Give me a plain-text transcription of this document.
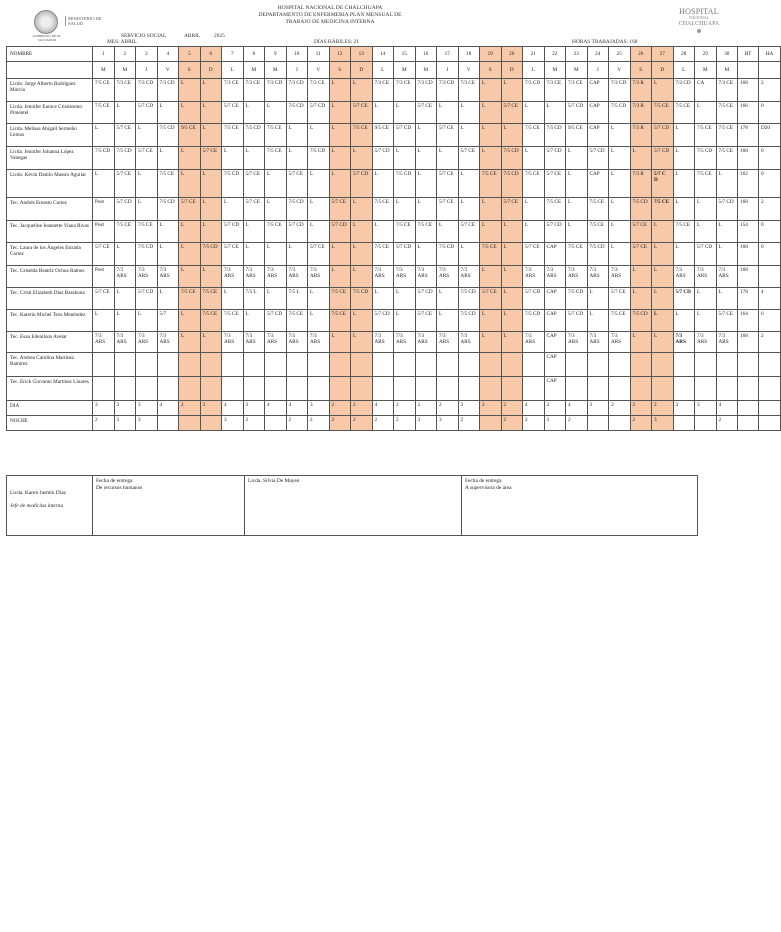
GOBIERNO DE EL SALVADOR
MINISTERIO DE SALUD
HOSPITAL NACIONAL DE CHALCHUAPA
DEPARTAMENTO DE ENFERMERIA PLAN MENSUAL DE
TRABAJO DE MEDICINA INTERNA
HOSPITAL
NACIONAL
CHALCHUAPA
SERVICIO SOCIAL	ABRIL	2025
MES: ABRIL	DÍAS HÁBILES: 21	HORAS TRABAJADAS: 168
NOMBRE	1	2	3	4	5	6	7	8	9	10	11	12	13	14	15	16	17	18	19	20	21	22	23	24	25	26	27	28	29	30	HT	HA
	M	M	J	V	S	D	L	M	M	J	V	S	D	L	M	M	J	V	S	D	L	M	M	J	V	S	D	L	M	M		
Licdo. Jorge Alberto Rodríguez Murcia	7/5 CE	7/3 CE	7/3 CD	7/3 CD	L	L	7/3 CE	7/3 CE	7/3 CD	7/3 CD	7/3 CE	L	L	7/3 CE	7/3 CE	7/3 CD	7/3 CD	7/3 CE	L	L	7/3 CD	7/3 CE	7/3 CE	CAP	7/3 CD	7/3 R	L	7/3 CD	CA	7/3 CE	168	2
Licda. Jennifer Eunice Crisóstomo Pimentel	7/5 CE	L	5/7 CD	L	L	L	5/7 CE	L	L	7/5 CD	5/7 CD	L	5/7 CE	L	L	5/7 CE	L	L	L	5/7 CE	L	L	5/7 CD	CAP	7/5 CD	7/3 R	7/5 CE	7/5 CE	L	7/5 CE	166	0
Licda. Melissa Abigail Sermeño Lemus	L	5/7 CE	L	7/5 CD	9/5 CE	L	7/5 CE	7/5 CD	7/5 CE	L	L	L	7/5 CE	9/5 CE	5/7 CD	L	5/7 CE	L	L	L	7/5 CE	7/5 CD	9/5 CE	CAP	L	7/3 R	5/7 CD	L	7/5 CE	7/5 CE	178	D20
Licda. Jennifer Johanna López Vanegas	7/5 CD	7/5 CD	5/7 CE	L	L	5/7 CE	L	L	7/5 CE	L	7/5 CD	L	L	5/7 CD	L	L	L	5/7 CE	L	7/5 CD	L	5/7 CD	L	5/7 CD	L	L	5/7 CD	L	7/5 CD	7/5 CE	168	0
Licdo. Kevin Danilo Massin Aguilar	L	5/7 CE	L	7/5 CE	L	L	7/5 CD	5/7 CE	L	5/7 CE	L	L	5/7 CD	L	7/5 CD	L	5/7 CE	L	7/5 CE	7/5 CD	7/5 CE	5/7 CE	L	CAP	L	7/3 R	5/7 C D	L	7/5 CE	L	162	0
Tec. Andrés Ernesto Cortez	Post	5/7 CD	L	7/5 CD	5/7 CE	L	L	5/7 CE	L	7/5 CD	L	5/7 CE	L	7/5 CE	L	L	5/7 CE	L	L	5/7 CE	L	7/5 CE	L	7/5 CE	L	7/5 CD	7/5 CE	L	L	5/7 CD	168	2
Tec. Jacqueline Jeannette Viana Rivas	Post	7/5 CE	7/5 CE	L	L	L	5/7 CD	L	7/5 CE	5/7 CD	L	5/7 CD	L	L	7/5 CE	7/5 CE	L	5/7 CE	L	L	L	5/7 CD	L	7/5 CE	L	5/7 CE	L	7/5 CE	L	L	154	0
Tec. Laura de los Ángeles Estrada Cortez	5/7 CE	L	7/5 CD	L	L	7/5 CD	5/7 CE	L	L	L	5/7 CE	L	L	7/5 CE	5/7 CD	L	7/5 CD	L	7/5 CE	L	5/7 CE	CAP	7/5 CE	7/5 CD	L	5/7 CE	L	L	5/7 CD	L	168	0
Tec. Griselda Beatriz Ochoa Ramos	Post	7/3 ARS	7/3 ARS	7/3 ARS	L	L	7/3 ARS	7/3 ARS	7/3 ARS	7/3 ARS	7/3 ARS	L	L	7/3 ARS	7/3 ARS	7/3 ARS	7/3 ARS	7/3 ARS	L	L	7/3 ARS	7/3 ARS	7/3 ARS	7/3 ARS	7/3 ARS	L	L	7/3 ARS	7/3 ARS	7/3 ARS	168	
Tec. Cristi Elizabeth Díaz Barahona	5/7 CE	L	5/7 CD	L	7/5 CE	7/5 CE	L	7/5 L	L	7/5 L	L	7/5 CE	7/5 CD	L	L	5/7 CD	L	7/5 CD	5/7 CE	L	5/7 CD	CAP	7/5 CD	L	5/7 CE	L	L	5/7 CD	L	L	178	4
Tec. Katerin Michel Teos Menéndez	L	L	L	5/7	L	7/5 CE	7/5 CE	L	5/7 CD	7/5 CE	L	7/5 CE	L	5/7 CD	L	5/7 CE	L	7/5 CD	L	L	7/5 CD	CAP	5/7 CD	L	7/5 CE	7/5 CD	L	L	L	5/7 CE	164	6
Tec. Esau Edenilson Avelar	7/3 ARS	7/3 ARS	7/3 ARS	7/3 ARS	L	L	7/3 ARS	7/3 ARS	7/3 ARS	7/3 ARS	7/3 ARS	L	L	7/3 ARS	7/3 ARS	7/3 ARS	7/3 ARS	7/3 ARS	L	L	7/3 ARS	CAP	7/3 ARS	7/3 ARS	7/3 ARS	L	L	7/3 ARS	7/3 ARS	7/3 ARS	168	2
Tec. Andrea Carolina Martínez Ramírez																						CAP										
Tec. Erick Giovanni Martínez Linares																						CAP										
DIA	3	3	3	4	2	3	4	3	4	4	3	2	2	4	3	2	2	3	2	2	4	3	4	3	3	2	2	3	3	4		
NOCHE	2	3	3				3	2		2	2	2	2	2	2	3	3	2		2	2	3	2			2	3			2		
Licda. Karen Jasmín Díaz
Jefe de medicina interna

Fecha de entrega
De recursos humanos

Licda. Silvia De Mayen	Fecha de entrega
A supervisora de área
